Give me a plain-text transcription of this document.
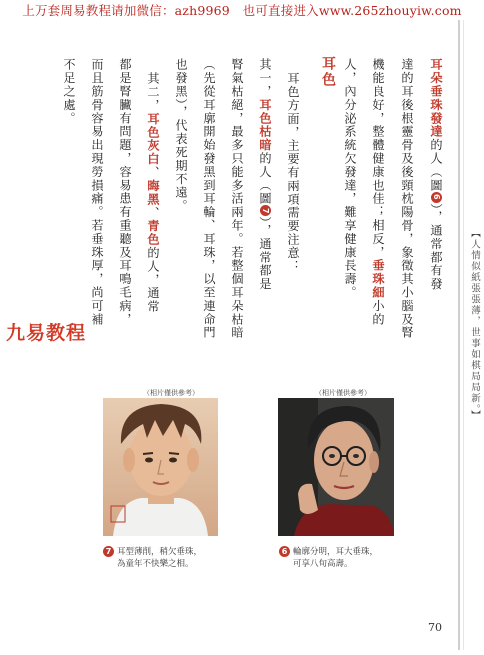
上万套周易教程请加微信：azh9969　也可直接进入www.265zhouyiw.com
耳朵垂珠發達的人（圖6），通常都有發
達的耳後根靈骨及後頸枕陽骨，象徵其小腦及腎
機能良好，整體健康也佳；相反，垂珠細小的
人，內分泌系統欠發達，難享健康長壽。
耳色
耳色方面，主要有兩項需要注意：
其一，耳色枯暗的人（圖7），通常都是
腎氣枯絕，最多只能多活兩年。若整個耳朵枯暗
（先從耳廓開始發黑到耳輪、耳珠，以至連命門
也發黑），代表死期不遠。
其二，耳色灰白、晦黑、青色的人，通常
都是腎臟有問題，容易患有重聽及耳鳴毛病，
而且筋骨容易出現勞損痛。若垂珠厚，尚可補
不足之處。
九易教程	【人情似紙張張薄，世事如棋局局新。】
（相片僅供參考）
7 耳型薄削，稍欠垂珠，
為童年不快樂之相。
（相片僅供參考）
6 輪廓分明，耳大垂珠，
可享八旬高壽。
70
